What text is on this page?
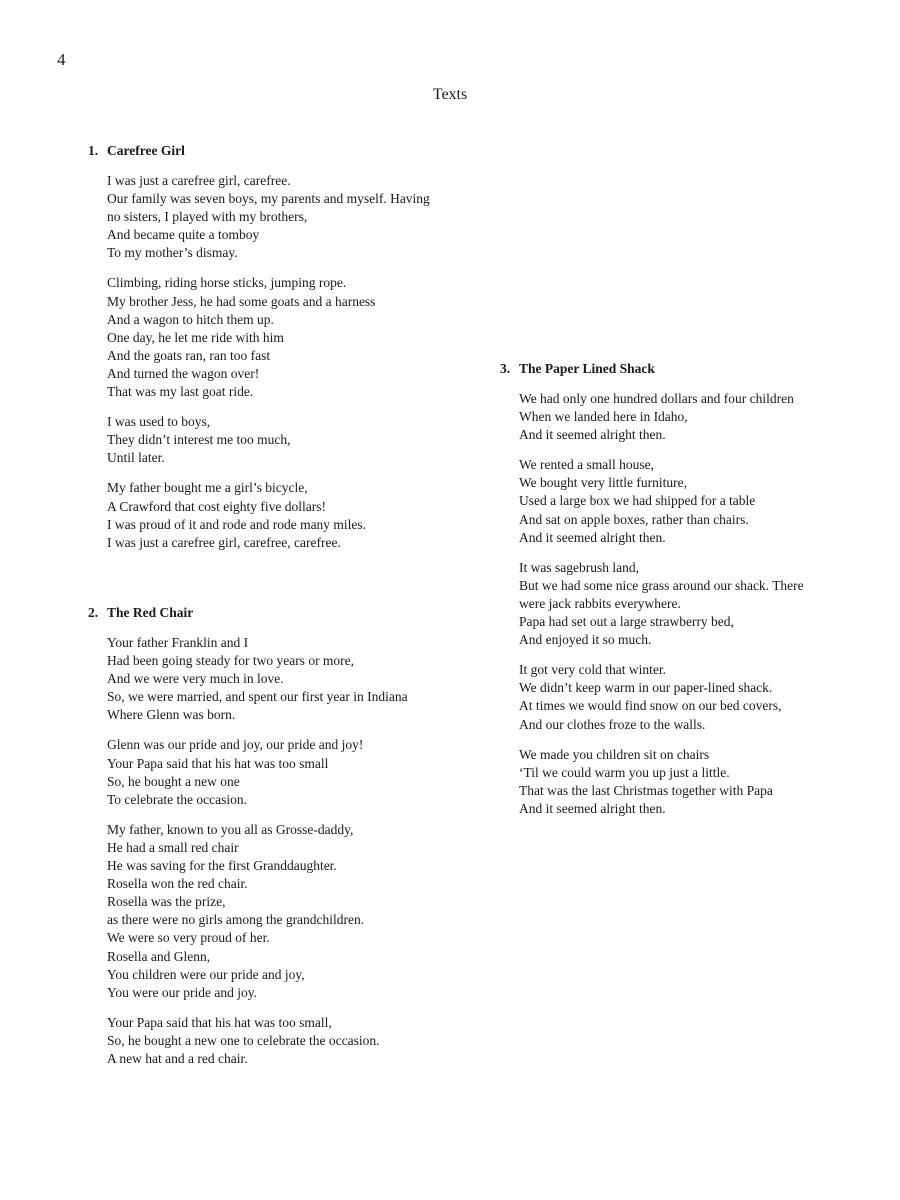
4
Texts
1. Carefree Girl
I was just a carefree girl, carefree.
Our family was seven boys, my parents and myself. Having
no sisters, I played with my brothers,
And became quite a tomboy
To my mother’s dismay.
Climbing, riding horse sticks, jumping rope.
My brother Jess, he had some goats and a harness
And a wagon to hitch them up.
One day, he let me ride with him
And the goats ran, ran too fast
And turned the wagon over!
That was my last goat ride.
I was used to boys,
They didn’t interest me too much,
Until later.
My father bought me a girl’s bicycle,
A Crawford that cost eighty five dollars!
I was proud of it and rode and rode many miles.
I was just a carefree girl, carefree, carefree.
2. The Red Chair
Your father Franklin and I
Had been going steady for two years or more,
And we were very much in love.
So, we were married, and spent our first year in Indiana
Where Glenn was born.
Glenn was our pride and joy, our pride and joy!
Your Papa said that his hat was too small
So, he bought a new one
To celebrate the occasion.
My father, known to you all as Grosse-daddy,
He had a small red chair
He was saving for the first Granddaughter.
Rosella won the red chair.
Rosella was the prize,
as there were no girls among the grandchildren.
We were so very proud of her.
Rosella and Glenn,
You children were our pride and joy,
You were our pride and joy.
Your Papa said that his hat was too small,
So, he bought a new one to celebrate the occasion.
A new hat and a red chair.
3. The Paper Lined Shack
We had only one hundred dollars and four children
When we landed here in Idaho,
And it seemed alright then.
We rented a small house,
We bought very little furniture,
Used a large box we had shipped for a table
And sat on apple boxes, rather than chairs.
And it seemed alright then.
It was sagebrush land,
But we had some nice grass around our shack. There
were jack rabbits everywhere.
Papa had set out a large strawberry bed,
And enjoyed it so much.
It got very cold that winter.
We didn’t keep warm in our paper-lined shack.
At times we would find snow on our bed covers,
And our clothes froze to the walls.
We made you children sit on chairs
‘Til we could warm you up just a little.
That was the last Christmas together with Papa
And it seemed alright then.
